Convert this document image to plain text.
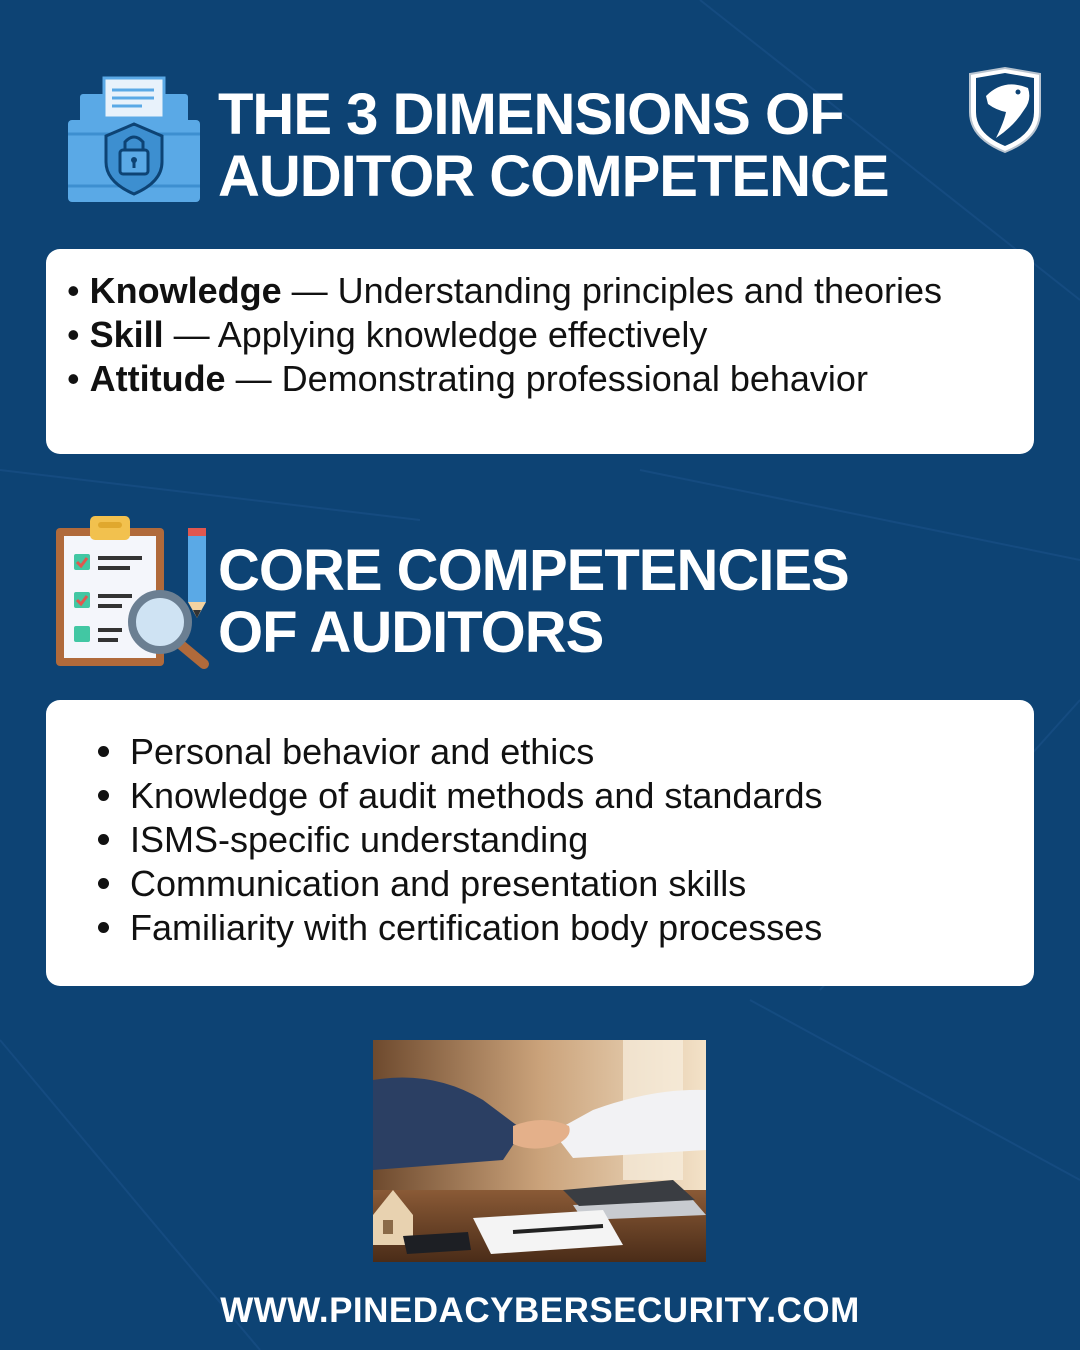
THE 3 DIMENSIONS OF
AUDITOR COMPETENCE

• Knowledge — Understanding principles and theories

• Skill — Applying knowledge effectively

• Attitude — Demonstrating professional behavior

CORE COMPETENCIES
OF AUDITORS
Personal behavior and ethics
Knowledge of audit methods and standards
ISMS-specific understanding
Communication and presentation skills
Familiarity with certification body processes
WWW.PINEDACYBERSECURITY.COM
